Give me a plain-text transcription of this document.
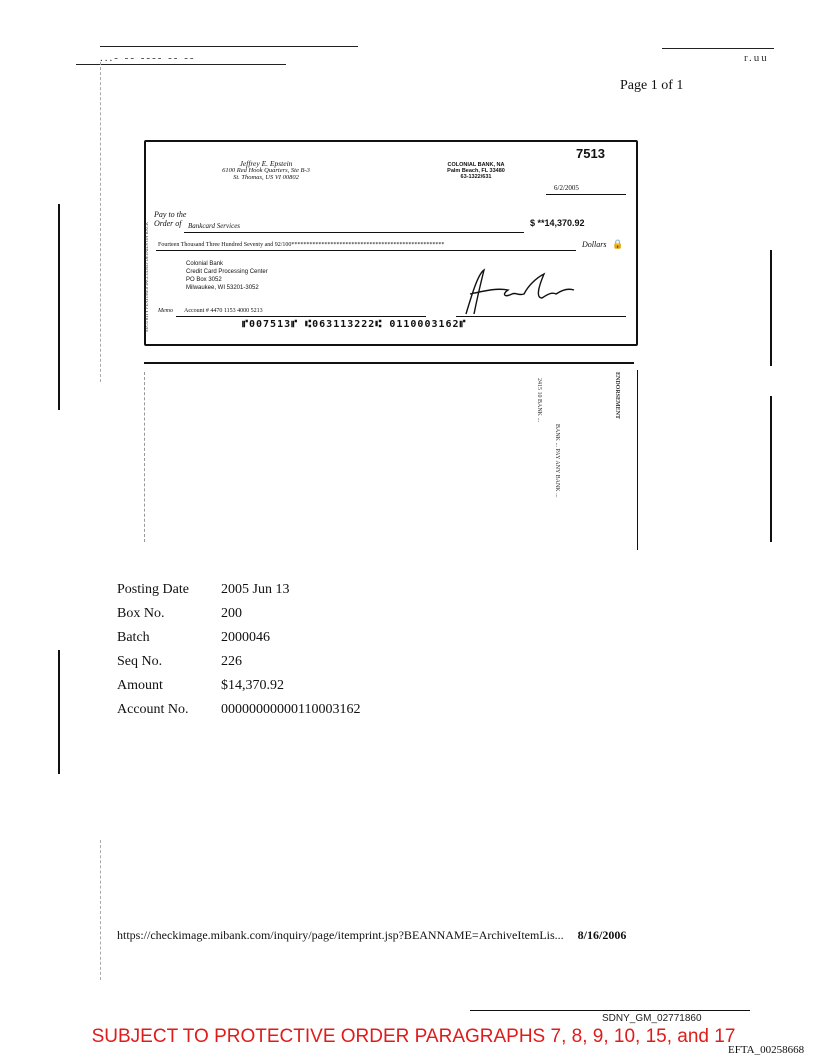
...- -- ---- -- --	r.uu
Page 1 of 1
SECURITY FEATURES INCLUDED DETAILS ON BACK
Jeffrey E. Epstein
6100 Red Hook Quarters, Ste B-3
St. Thomas, US VI 00802
COLONIAL BANK, NA
Palm Beach, FL 33480
63-1322/631
7513
6/2/2005
Pay to the
Order of Bankcard Services	$ **14,370.92
Fourteen Thousand Three Hundred Seventy and 92/100***************************************************	Dollars 🔒
Colonial Bank
Credit Card Processing Center
PO Box 3052
Milwaukee, WI 53201-3052
Memo Account # 4470 1153 4000 5213
⑈007513⑈ ⑆063113222⑆ 0110003162⑈
2415 10 BANK ...
BANK ... PAY ANY BANK ...
ENDORSEMENT
Posting Date 2005 Jun 13
Box No.	200
Batch	2000046
Seq No.	226
Amount	$14,370.92
Account No. 00000000000110003162
https://checkimage.mibank.com/inquiry/page/itemprint.jsp?BEANNAME=ArchiveItemLis... 8/16/2006
SDNY_GM_02771860
SUBJECT TO PROTECTIVE ORDER PARAGRAPHS 7, 8, 9, 10, 15, and 17
EFTA_00258668
